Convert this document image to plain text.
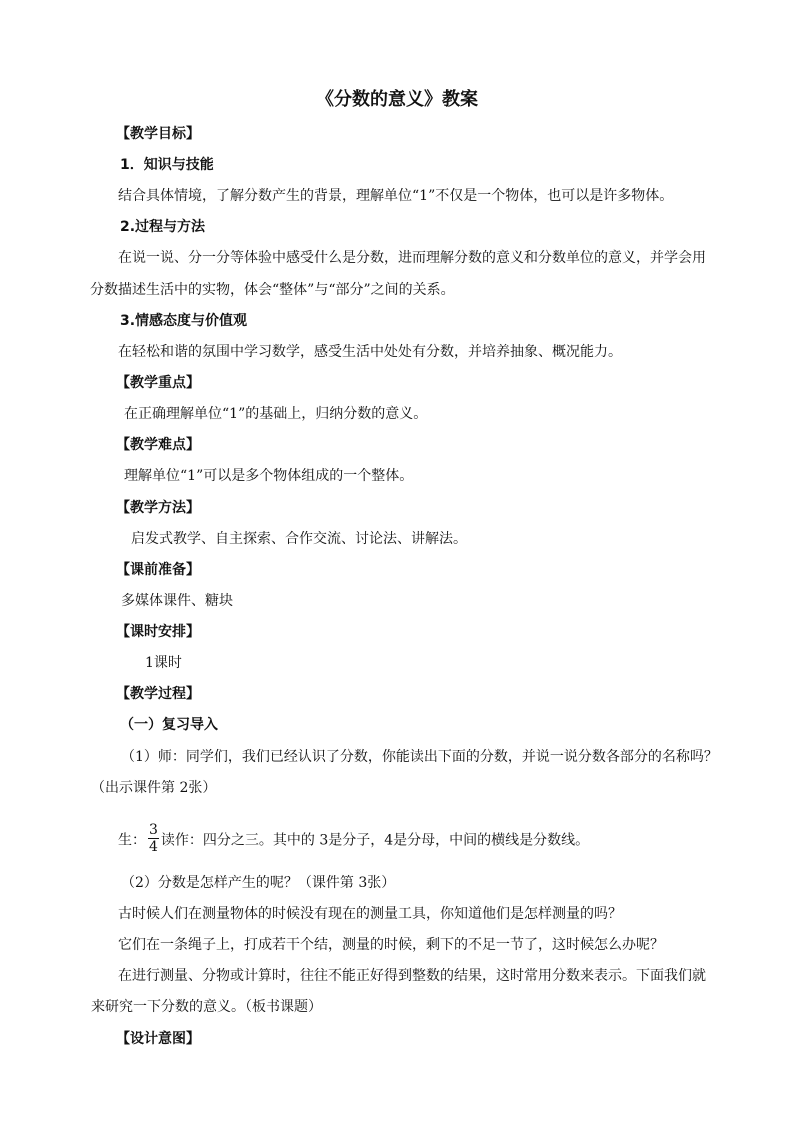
《分数的意义》教案
【教学目标】
1．知识与技能
结合具体情境，了解分数产生的背景，理解单位“1”不仅是一个物体，也可以是许多物体。
2.过程与方法
在说一说、分一分等体验中感受什么是分数，进而理解分数的意义和分数单位的意义，并学会用
分数描述生活中的实物，体会“整体”与“部分”之间的关系。
3.情感态度与价值观
在轻松和谐的氛围中学习数学，感受生活中处处有分数，并培养抽象、概况能力。
【教学重点】
在正确理解单位“1”的基础上，归纳分数的意义。
【教学难点】
理解单位“1”可以是多个物体组成的一个整体。
【教学方法】
启发式教学、自主探索、合作交流、讨论法、讲解法。
【课前准备】
多媒体课件、糖块
【课时安排】
1课时
【教学过程】
（一）复习导入
（1）师：同学们，我们已经认识了分数，你能读出下面的分数，并说一说分数各部分的名称吗？
（出示课件第 2张）
生： $\frac{3}{4}$ 读作：四分之三。其中的 3是分子，4是分母，中间的横线是分数线。
（2）分数是怎样产生的呢？（课件第 3张）
古时候人们在测量物体的时候没有现在的测量工具，你知道他们是怎样测量的吗？
它们在一条绳子上，打成若干个结，测量的时候，剩下的不足一节了，这时候怎么办呢？
在进行测量、分物或计算时，往往不能正好得到整数的结果，这时常用分数来表示。下面我们就
来研究一下分数的意义。（板书课题）
【设计意图】
